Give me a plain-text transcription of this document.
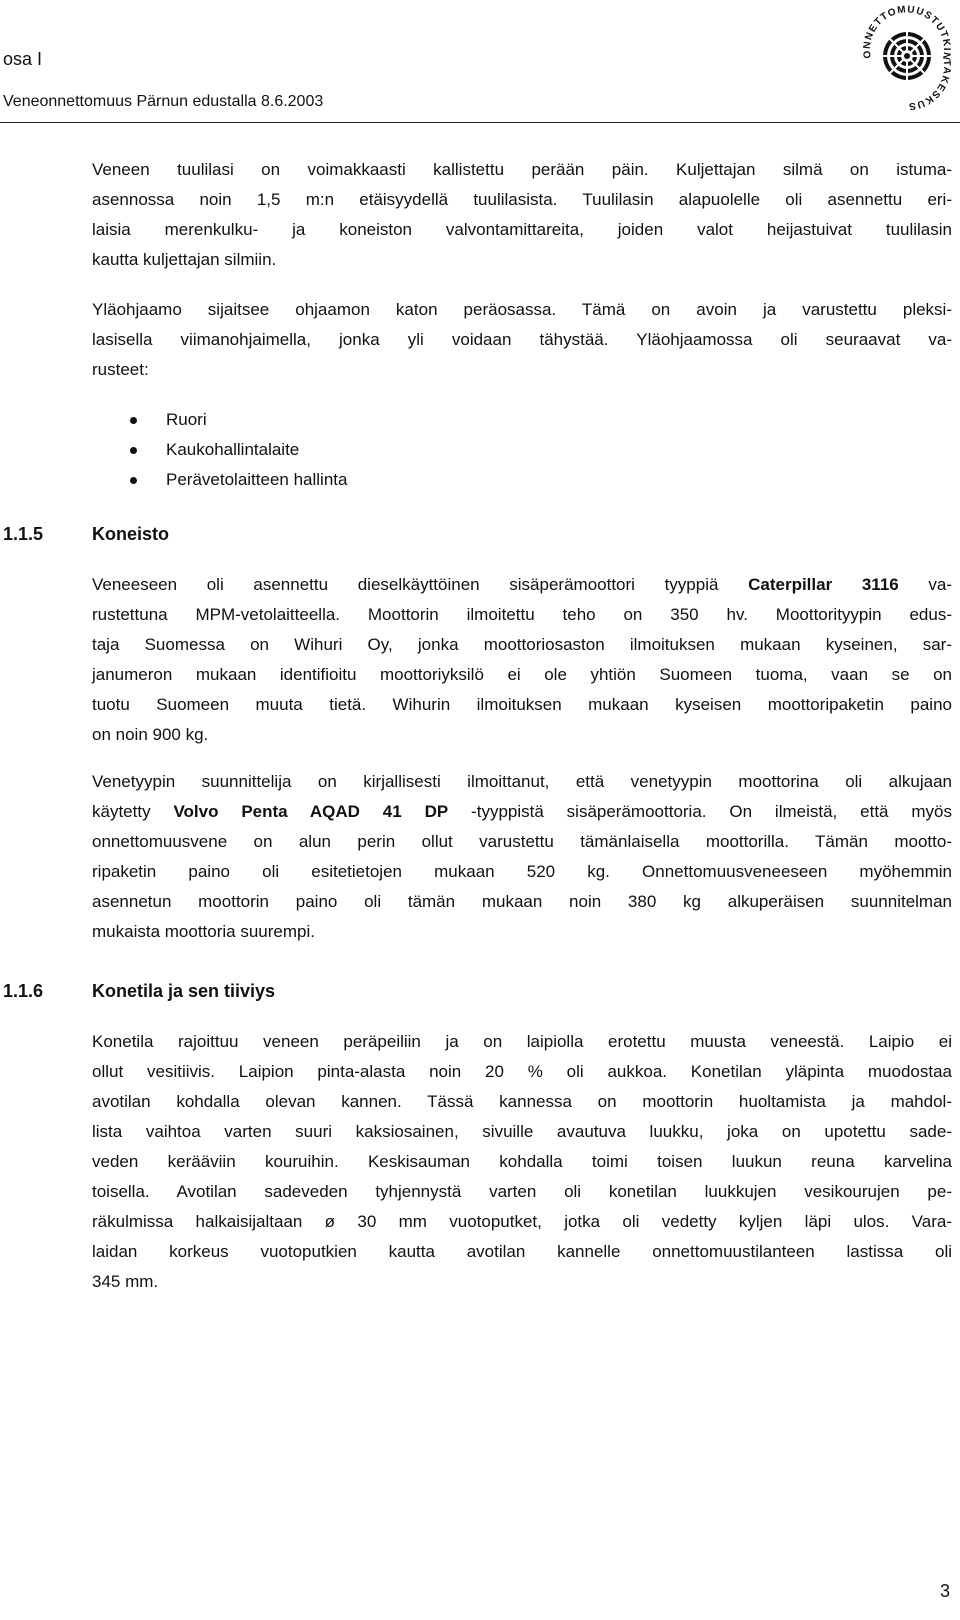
osa I
Veneonnettomuus Pärnun edustalla 8.6.2003
ONNETTOMUUSTUTKINTAKESKUS
Veneen tuulilasi on voimakkaasti kallistettu perään päin. Kuljettajan silmä on istuma-
asennossa noin 1,5 m:n etäisyydellä tuulilasista. Tuulilasin alapuolelle oli asennettu eri-
laisia merenkulku- ja koneiston valvontamittareita, joiden valot heijastuivat tuulilasin
kautta kuljettajan silmiin.
Yläohjaamo sijaitsee ohjaamon katon peräosassa. Tämä on avoin ja varustettu pleksi-
lasisella viimanohjaimella, jonka yli voidaan tähystää. Yläohjaamossa oli seuraavat va-
rusteet:
Ruori
Kaukohallintalaite
Perävetolaitteen hallinta
1.1.5	Koneisto
Veneeseen oli asennettu dieselkäyttöinen sisäperämoottori tyyppiä Caterpillar 3116 va-
rustettuna MPM-vetolaitteella. Moottorin ilmoitettu teho on 350 hv. Moottorityypin edus-
taja Suomessa on Wihuri Oy, jonka moottoriosaston ilmoituksen mukaan kyseinen, sar-
janumeron mukaan identifioitu moottoriyksilö ei ole yhtiön Suomeen tuoma, vaan se on
tuotu Suomeen muuta tietä. Wihurin ilmoituksen mukaan kyseisen moottoripaketin paino
on noin 900 kg.
Venetyypin suunnittelija on kirjallisesti ilmoittanut, että venetyypin moottorina oli alkujaan
käytetty Volvo Penta AQAD 41 DP -tyyppistä sisäperämoottoria. On ilmeistä, että myös
onnettomuusvene on alun perin ollut varustettu tämänlaisella moottorilla. Tämän mootto-
ripaketin paino oli esitetietojen mukaan 520 kg. Onnettomuusveneeseen myöhemmin
asennetun moottorin paino oli tämän mukaan noin 380 kg alkuperäisen suunnitelman
mukaista moottoria suurempi.
1.1.6	Konetila ja sen tiiviys
Konetila rajoittuu veneen peräpeiliin ja on laipiolla erotettu muusta veneestä. Laipio ei
ollut vesitiivis. Laipion pinta-alasta noin 20 % oli aukkoa. Konetilan yläpinta muodostaa
avotilan kohdalla olevan kannen. Tässä kannessa on moottorin huoltamista ja mahdol-
lista vaihtoa varten suuri kaksiosainen, sivuille avautuva luukku, joka on upotettu sade-
veden kerääviin kouruihin. Keskisauman kohdalla toimi toisen luukun reuna karvelina
toisella. Avotilan sadeveden tyhjennystä varten oli konetilan luukkujen vesikourujen pe-
räkulmissa halkaisijaltaan ø 30 mm vuotoputket, jotka oli vedetty kyljen läpi ulos. Vara-
laidan korkeus vuotoputkien kautta avotilan kannelle onnettomuustilanteen lastissa oli
345 mm.
3
